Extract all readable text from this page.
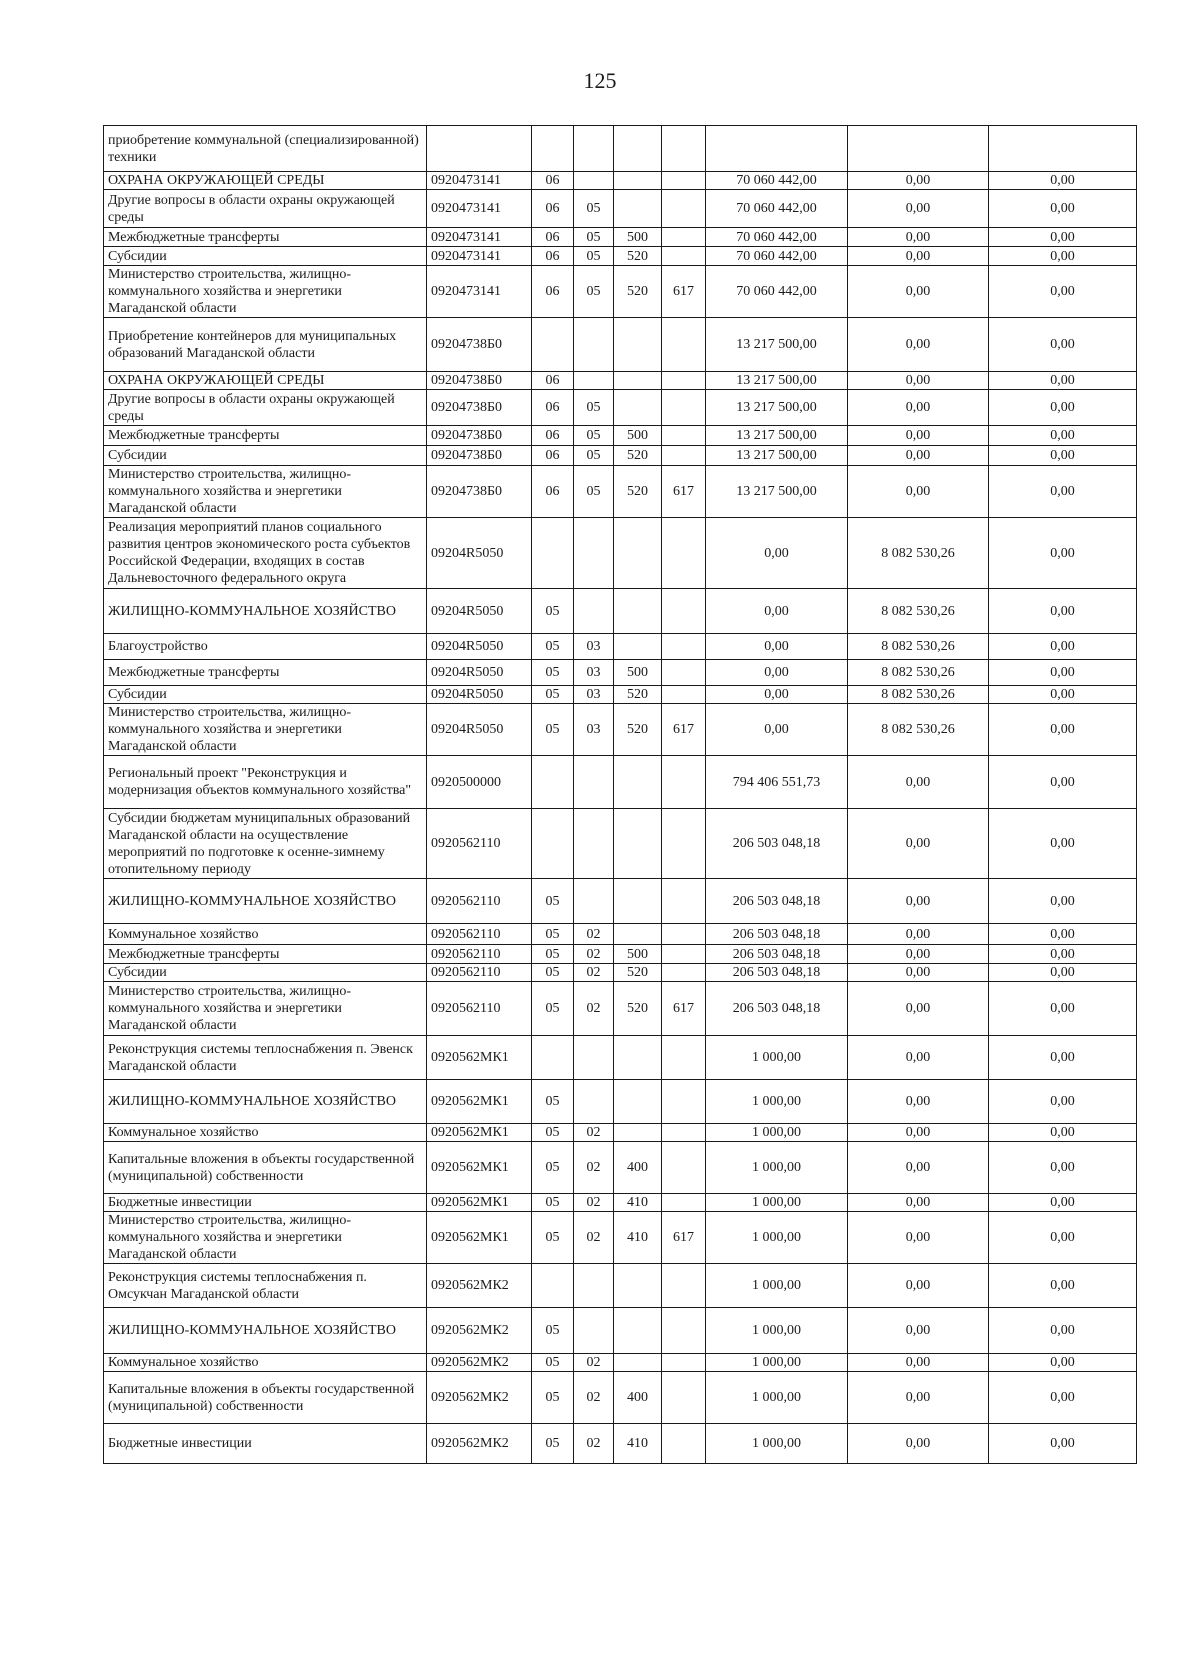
125
приобретение коммунальной (специализированной) техники								
ОХРАНА ОКРУЖАЮЩЕЙ СРЕДЫ	0920473141	06				70 060 442,00	0,00	0,00
Другие вопросы в области охраны окружающей среды	0920473141	06	05			70 060 442,00	0,00	0,00
Межбюджетные трансферты	0920473141	06	05	500		70 060 442,00	0,00	0,00
Субсидии	0920473141	06	05	520		70 060 442,00	0,00	0,00
Министерство строительства, жилищно-коммунального хозяйства и энергетики Магаданской области	0920473141	06	05	520	617	70 060 442,00	0,00	0,00
Приобретение контейнеров для муниципальных образований Магаданской области	09204738Б0					13 217 500,00	0,00	0,00
ОХРАНА ОКРУЖАЮЩЕЙ СРЕДЫ	09204738Б0	06				13 217 500,00	0,00	0,00
Другие вопросы в области охраны окружающей среды	09204738Б0	06	05			13 217 500,00	0,00	0,00
Межбюджетные трансферты	09204738Б0	06	05	500		13 217 500,00	0,00	0,00
Субсидии	09204738Б0	06	05	520		13 217 500,00	0,00	0,00
Министерство строительства, жилищно-коммунального хозяйства и энергетики Магаданской области	09204738Б0	06	05	520	617	13 217 500,00	0,00	0,00
Реализация мероприятий планов социального развития центров экономического роста субъектов Российской Федерации, входящих в состав Дальневосточного федерального округа	09204R5050					0,00	8 082 530,26	0,00
ЖИЛИЩНО-КОММУНАЛЬНОЕ ХОЗЯЙСТВО	09204R5050	05				0,00	8 082 530,26	0,00
Благоустройство	09204R5050	05	03			0,00	8 082 530,26	0,00
Межбюджетные трансферты	09204R5050	05	03	500		0,00	8 082 530,26	0,00
Субсидии	09204R5050	05	03	520		0,00	8 082 530,26	0,00
Министерство строительства, жилищно-коммунального хозяйства и энергетики Магаданской области	09204R5050	05	03	520	617	0,00	8 082 530,26	0,00
Региональный проект "Реконструкция и модернизация объектов коммунального хозяйства"	0920500000					794 406 551,73	0,00	0,00
Субсидии бюджетам муниципальных образований Магаданской области на осуществление мероприятий по подготовке к осенне-зимнему отопительному периоду	0920562110					206 503 048,18	0,00	0,00
ЖИЛИЩНО-КОММУНАЛЬНОЕ ХОЗЯЙСТВО	0920562110	05				206 503 048,18	0,00	0,00
Коммунальное хозяйство	0920562110	05	02			206 503 048,18	0,00	0,00
Межбюджетные трансферты	0920562110	05	02	500		206 503 048,18	0,00	0,00
Субсидии	0920562110	05	02	520		206 503 048,18	0,00	0,00
Министерство строительства, жилищно-коммунального хозяйства и энергетики Магаданской области	0920562110	05	02	520	617	206 503 048,18	0,00	0,00
Реконструкция системы теплоснабжения п. Эвенск Магаданской области	0920562МК1					1 000,00	0,00	0,00
ЖИЛИЩНО-КОММУНАЛЬНОЕ ХОЗЯЙСТВО	0920562МК1	05				1 000,00	0,00	0,00
Коммунальное хозяйство	0920562МК1	05	02			1 000,00	0,00	0,00
Капитальные вложения в объекты государственной (муниципальной) собственности	0920562МК1	05	02	400		1 000,00	0,00	0,00
Бюджетные инвестиции	0920562МК1	05	02	410		1 000,00	0,00	0,00
Министерство строительства, жилищно-коммунального хозяйства и энергетики Магаданской области	0920562МК1	05	02	410	617	1 000,00	0,00	0,00
Реконструкция системы теплоснабжения п. Омсукчан Магаданской области	0920562МК2					1 000,00	0,00	0,00
ЖИЛИЩНО-КОММУНАЛЬНОЕ ХОЗЯЙСТВО	0920562МК2	05				1 000,00	0,00	0,00
Коммунальное хозяйство	0920562МК2	05	02			1 000,00	0,00	0,00
Капитальные вложения в объекты государственной (муниципальной) собственности	0920562МК2	05	02	400		1 000,00	0,00	0,00
Бюджетные инвестиции	0920562МК2	05	02	410		1 000,00	0,00	0,00
